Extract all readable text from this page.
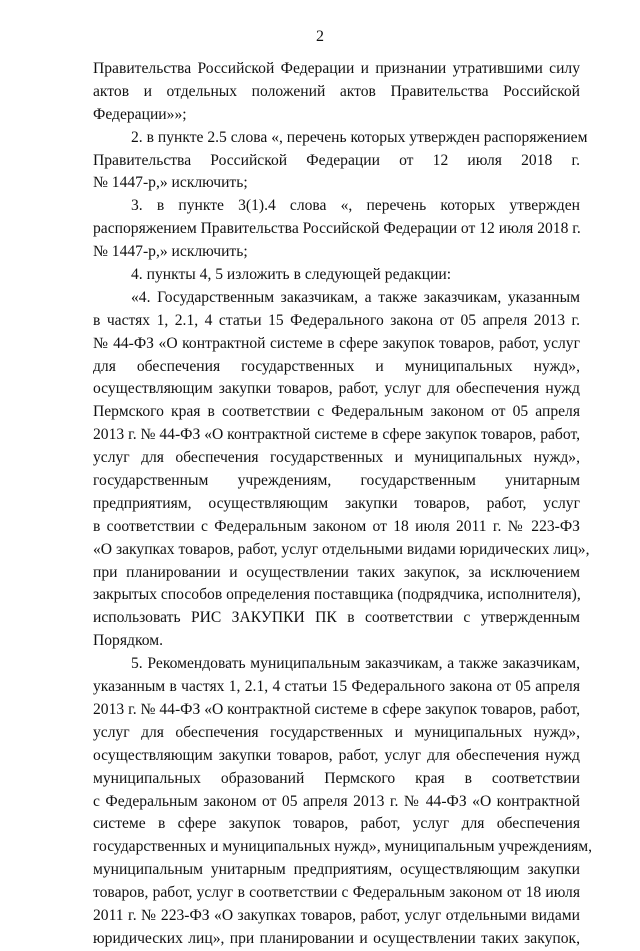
2
Правительства Российской Федерации и признании утратившими силу
актов и отдельных положений актов Правительства Российской
Федерации»»;
2. в пункте 2.5 слова «, перечень которых утвержден распоряжением
Правительства Российской Федерации от 12 июля 2018 г.
№ 1447-р,» исключить;
3. в пункте 3(1).4 слова «, перечень которых утвержден
распоряжением Правительства Российской Федерации от 12 июля 2018 г.
№ 1447-р,» исключить;
4. пункты 4, 5 изложить в следующей редакции:
«4. Государственным заказчикам, а также заказчикам, указанным
в частях 1, 2.1, 4 статьи 15 Федерального закона от 05 апреля 2013 г.
№ 44-ФЗ «О контрактной системе в сфере закупок товаров, работ, услуг
для обеспечения государственных и муниципальных нужд»,
осуществляющим закупки товаров, работ, услуг для обеспечения нужд
Пермского края в соответствии с Федеральным законом от 05 апреля
2013 г. № 44-ФЗ «О контрактной системе в сфере закупок товаров, работ,
услуг для обеспечения государственных и муниципальных нужд»,
государственным учреждениям, государственным унитарным
предприятиям, осуществляющим закупки товаров, работ, услуг
в соответствии с Федеральным законом от 18 июля 2011 г. № 223-ФЗ
«О закупках товаров, работ, услуг отдельными видами юридических лиц»,
при планировании и осуществлении таких закупок, за исключением
закрытых способов определения поставщика (подрядчика, исполнителя),
использовать РИС ЗАКУПКИ ПК в соответствии с утвержденным
Порядком.
5. Рекомендовать муниципальным заказчикам, а также заказчикам,
указанным в частях 1, 2.1, 4 статьи 15 Федерального закона от 05 апреля
2013 г. № 44-ФЗ «О контрактной системе в сфере закупок товаров, работ,
услуг для обеспечения государственных и муниципальных нужд»,
осуществляющим закупки товаров, работ, услуг для обеспечения нужд
муниципальных образований Пермского края в соответствии
с Федеральным законом от 05 апреля 2013 г. № 44-ФЗ «О контрактной
системе в сфере закупок товаров, работ, услуг для обеспечения
государственных и муниципальных нужд», муниципальным учреждениям,
муниципальным унитарным предприятиям, осуществляющим закупки
товаров, работ, услуг в соответствии с Федеральным законом от 18 июля
2011 г. № 223-ФЗ «О закупках товаров, работ, услуг отдельными видами
юридических лиц», при планировании и осуществлении таких закупок,
